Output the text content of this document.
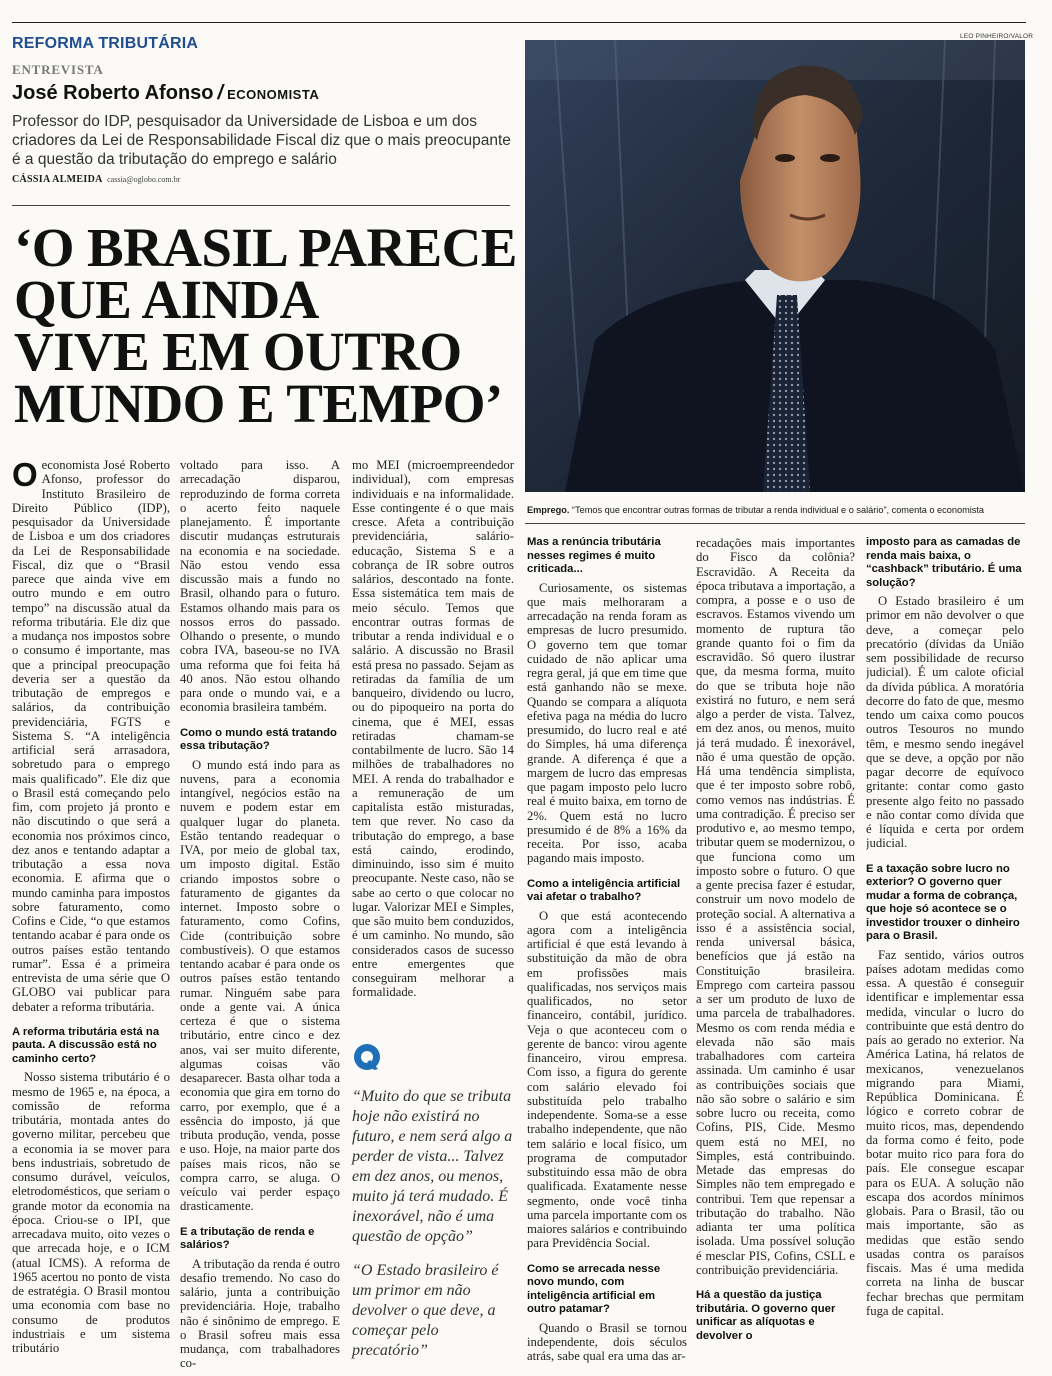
REFORMA TRIBUTÁRIA
ENTREVISTA
José Roberto Afonso / ECONOMISTA
Professor do IDP, pesquisador da Universidade de Lisboa e um dos criadores da Lei de Responsabilidade Fiscal diz que o mais preocupante é a questão da tributação do emprego e salário
CÁSSIA ALMEIDA cassia@oglobo.com.br
‘O BRASIL PARECE
QUE AINDA
VIVE EM OUTRO
MUNDO E TEMPO’
LEO PINHEIRO/VALOR
Emprego. “Temos que encontrar outras formas de tributar a renda individual e o salário”, comenta o economista

Oeconomista José Roberto Afonso, professor do Instituto Brasileiro de Direito Público (IDP), pesquisador da Universidade de Lisboa e um dos criadores da Lei de Responsabilidade Fiscal, diz que o “Brasil parece que ainda vive em outro mundo e em outro tempo” na discussão atual da reforma tributária. Ele diz que a mudança nos impostos sobre o consumo é importante, mas que a principal preocupação deveria ser a questão da tributação de empregos e salários, da contribuição previdenciária, FGTS e Sistema S. “A inteligência artificial será arrasadora, sobretudo para o emprego mais qualificado”. Ele diz que o Brasil está começando pelo fim, com projeto já pronto e não discutindo o que será a economia nos próximos cinco, dez anos e tentando adaptar a tributação a essa nova economia. E afirma que o mundo caminha para impostos sobre faturamento, como Cofins e Cide, “o que estamos tentando acabar é para onde os outros países estão tentando rumar”. Essa é a primeira entrevista de uma série que O GLOBO vai publicar para debater a reforma tributária.

A reforma tributária está na pauta. A discussão está no caminho certo?

Nosso sistema tributário é o mesmo de 1965 e, na época, a comissão de reforma tributária, montada antes do governo militar, percebeu que a economia ia se mover para bens industriais, sobretudo de consumo durável, veículos, eletrodomésticos, que seriam o grande motor da economia na época. Criou-se o IPI, que arrecadava muito, oito vezes o que arrecada hoje, e o ICM (atual ICMS). A reforma de 1965 acertou no ponto de vista de estratégia. O Brasil montou uma economia com base no consumo de produtos industriais e um sistema tributário

voltado para isso. A arrecadação disparou, reproduzindo de forma correta o acerto feito naquele planejamento. É importante discutir mudanças estruturais na economia e na sociedade. Não estou vendo essa discussão mais a fundo no Brasil, olhando para o futuro. Estamos olhando mais para os nossos erros do passado. Olhando o presente, o mundo cobra IVA, baseou-se no IVA uma reforma que foi feita há 40 anos. Não estou olhando para onde o mundo vai, e a economia brasileira também.

Como o mundo está tratando essa tributação?

O mundo está indo para as nuvens, para a economia intangível, negócios estão na nuvem e podem estar em qualquer lugar do planeta. Estão tentando readequar o IVA, por meio de global tax, um imposto digital. Estão criando impostos sobre o faturamento de gigantes da internet. Imposto sobre o faturamento, como Cofins, Cide (contribuição sobre combustíveis). O que estamos tentando acabar é para onde os outros países estão tentando rumar. Ninguém sabe para onde a gente vai. A única certeza é que o sistema tributário, entre cinco e dez anos, vai ser muito diferente, algumas coisas vão desaparecer. Basta olhar toda a economia que gira em torno do carro, por exemplo, que é a essência do imposto, já que tributa produção, venda, posse e uso. Hoje, na maior parte dos países mais ricos, não se compra carro, se aluga. O veículo vai perder espaço drasticamente.

E a tributação de renda e salários?

A tributação da renda é outro desafio tremendo. No caso do salário, junta a contribuição previdenciária. Hoje, trabalho não é sinônimo de emprego. E o Brasil sofreu mais essa mudança, com trabalhadores co-

mo MEI (microempreendedor individual), com empresas individuais e na informalidade. Esse contingente é o que mais cresce. Afeta a contribuição previdenciária, salário-educação, Sistema S e a cobrança de IR sobre outros salários, descontado na fonte. Essa sistemática tem mais de meio século. Temos que encontrar outras formas de tributar a renda individual e o salário. A discussão no Brasil está presa no passado. Sejam as retiradas da família de um banqueiro, dividendo ou lucro, ou do pipoqueiro na porta do cinema, que é MEI, essas retiradas chamam-se contabilmente de lucro. São 14 milhões de trabalhadores no MEI. A renda do trabalhador e a remuneração de um capitalista estão misturadas, tem que rever. No caso da tributação do emprego, a base está caindo, erodindo, diminuindo, isso sim é muito preocupante. Neste caso, não se sabe ao certo o que colocar no lugar. Valorizar MEI e Simples, que são muito bem conduzidos, é um caminho. No mundo, são considerados casos de sucesso entre emergentes que conseguiram melhorar a formalidade.

“Muito do que se tributa hoje não existirá no futuro, e nem será algo a perder de vista... Talvez em dez anos, ou menos, muito já terá mudado. É inexorável, não é uma questão de opção”
“O Estado brasileiro é um primor em não devolver o que deve, a começar pelo precatório”
Mas a renúncia tributária nesses regimes é muito criticada...

Curiosamente, os sistemas que mais melhoraram a arrecadação na renda foram as empresas de lucro presumido. O governo tem que tomar cuidado de não aplicar uma regra geral, já que em time que está ganhando não se mexe. Quando se compara a alíquota efetiva paga na média do lucro presumido, do lucro real e até do Simples, há uma diferença grande. A diferença é que a margem de lucro das empresas que pagam imposto pelo lucro real é muito baixa, em torno de 2%. Quem está no lucro presumido é de 8% a 16% da receita. Por isso, acaba pagando mais imposto.

Como a inteligência artificial vai afetar o trabalho?

O que está acontecendo agora com a inteligência artificial é que está levando à substituição da mão de obra em profissões mais qualificadas, nos serviços mais qualificados, no setor financeiro, contábil, jurídico. Veja o que aconteceu com o gerente de banco: virou agente financeiro, virou empresa. Com isso, a figura do gerente com salário elevado foi substituída pelo trabalho independente. Soma-se a esse trabalho independente, que não tem salário e local físico, um programa de computador substituindo essa mão de obra qualificada. Exatamente nesse segmento, onde você tinha uma parcela importante com os maiores salários e contribuindo para Previdência Social.

Como se arrecada nesse novo mundo, com inteligência artificial em outro patamar?

Quando o Brasil se tornou independente, dois séculos atrás, sabe qual era uma das ar-

recadações mais importantes do Fisco da colônia? Escravidão. A Receita da época tributava a importação, a compra, a posse e o uso de escravos. Estamos vivendo um momento de ruptura tão grande quanto foi o fim da escravidão. Só quero ilustrar que, da mesma forma, muito do que se tributa hoje não existirá no futuro, e nem será algo a perder de vista. Talvez, em dez anos, ou menos, muito já terá mudado. É inexorável, não é uma questão de opção. Há uma tendência simplista, que é ter imposto sobre robô, como vemos nas indústrias. É uma contradição. É preciso ser produtivo e, ao mesmo tempo, tributar quem se modernizou, o que funciona como um imposto sobre o futuro. O que a gente precisa fazer é estudar, construir um novo modelo de proteção social. A alternativa a isso é a assistência social, renda universal básica, benefícios que já estão na Constituição brasileira. Emprego com carteira passou a ser um produto de luxo de uma parcela de trabalhadores. Mesmo os com renda média e elevada não são mais trabalhadores com carteira assinada. Um caminho é usar as contribuições sociais que não são sobre o salário e sim sobre lucro ou receita, como Cofins, PIS, Cide. Mesmo quem está no MEI, no Simples, está contribuindo. Metade das empresas do Simples não tem empregado e contribui. Tem que repensar a tributação do trabalho. Não adianta ter uma política isolada. Uma possível solução é mesclar PIS, Cofins, CSLL e contribuição previdenciária.

Há a questão da justiça tributária. O governo quer unificar as alíquotas e devolver o
imposto para as camadas de renda mais baixa, o “cashback” tributário. É uma solução?

O Estado brasileiro é um primor em não devolver o que deve, a começar pelo precatório (dívidas da União sem possibilidade de recurso judicial). É um calote oficial da dívida pública. A moratória decorre do fato de que, mesmo tendo um caixa como poucos outros Tesouros no mundo têm, e mesmo sendo inegável que se deve, a opção por não pagar decorre de equívoco gritante: contar como gasto presente algo feito no passado e não contar como dívida que é líquida e certa por ordem judicial.

E a taxação sobre lucro no exterior? O governo quer mudar a forma de cobrança, que hoje só acontece se o investidor trouxer o dinheiro para o Brasil.

Faz sentido, vários outros países adotam medidas como essa. A questão é conseguir identificar e implementar essa medida, vincular o lucro do contribuinte que está dentro do país ao gerado no exterior. Na América Latina, há relatos de mexicanos, venezuelanos migrando para Miami, República Dominicana. É lógico e correto cobrar de muito ricos, mas, dependendo da forma como é feito, pode botar muito rico para fora do país. Ele consegue escapar para os EUA. A solução não escapa dos acordos mínimos globais. Para o Brasil, tão ou mais importante, são as medidas que estão sendo usadas contra os paraísos fiscais. Mas é uma medida correta na linha de buscar fechar brechas que permitam fuga de capital.
